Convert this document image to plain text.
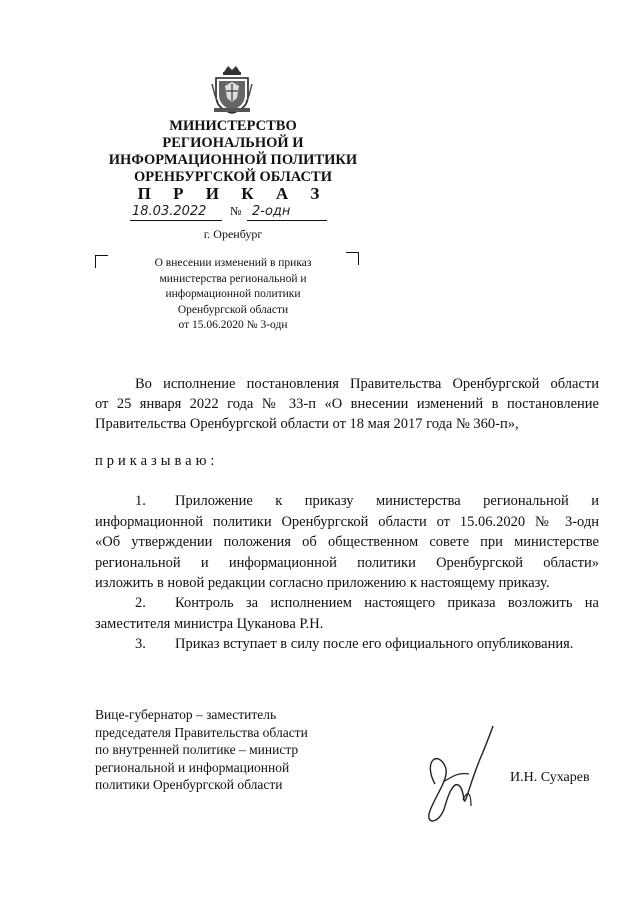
МИНИСТЕРСТВО
РЕГИОНАЛЬНОЙ И
ИНФОРМАЦИОННОЙ ПОЛИТИКИ
ОРЕНБУРГСКОЙ ОБЛАСТИ
П Р И К А З
18.03.2022 № 2-одн
г. Оренбург
О внесении изменений в приказ
министерства региональной и
информационной политики
Оренбургской области
от 15.06.2020 № 3-одн
Во исполнение постановления Правительства Оренбургской области
от 25 января 2022 года № 33-п «О внесении изменений в постановление
Правительства Оренбургской области от 18 мая 2017 года № 360-п»,
приказываю:
1. Приложение к приказу министерства региональной и
информационной политики Оренбургской области от 15.06.2020 № 3-одн
«Об утверждении положения об общественном совете при министерстве
региональной и информационной политики Оренбургской области»
изложить в новой редакции согласно приложению к настоящему приказу.
2. Контроль за исполнением настоящего приказа возложить на
заместителя министра Цуканова Р.Н.
3. Приказ вступает в силу после его официального опубликования.
Вице-губернатор – заместитель
председателя Правительства области
по внутренней политике – министр
региональной и информационной
политики Оренбургской области	И.Н. Сухарев
